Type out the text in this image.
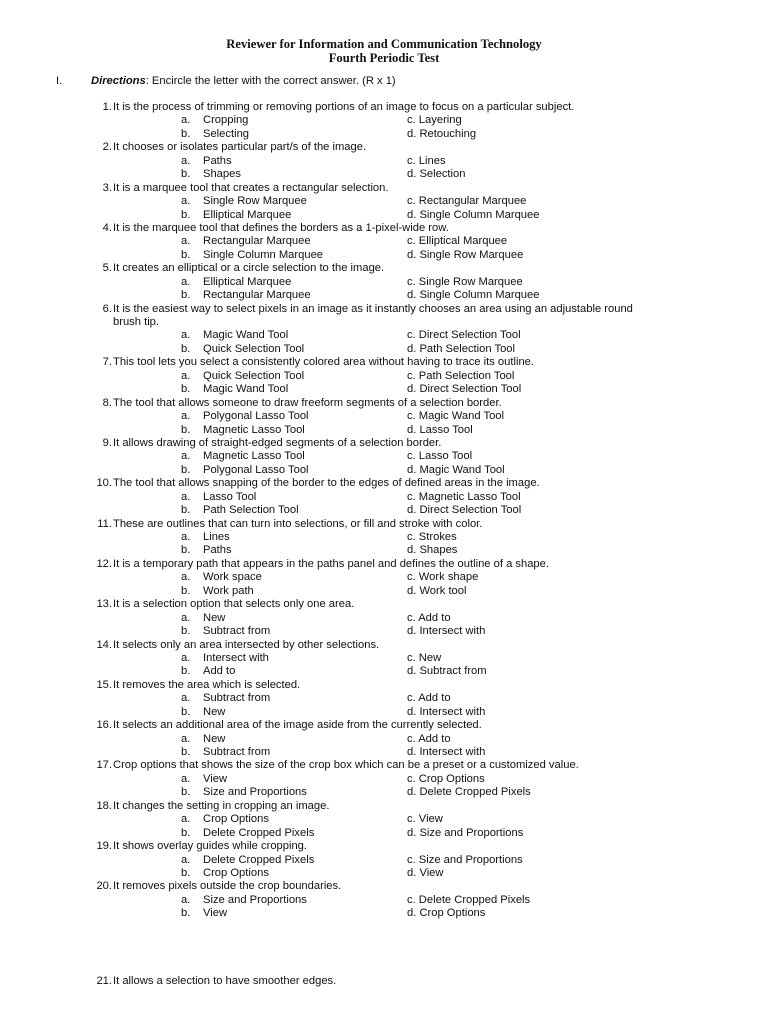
Reviewer for Information and Communication Technology
Fourth Periodic Test
I.	Directions: Encircle the letter with the correct answer. (R x 1)
1. It is the process of trimming or removing portions of an image to focus on a particular subject.
a. Cropping	c. Layering
b. Selecting	d. Retouching
2. It chooses or isolates particular part/s of the image.
a. Paths	c. Lines
b. Shapes	d. Selection
3. It is a marquee tool that creates a rectangular selection.
a. Single Row Marquee	c. Rectangular Marquee
b. Elliptical Marquee	d. Single Column Marquee
4. It is the marquee tool that defines the borders as a 1-pixel-wide row.
a. Rectangular Marquee	c. Elliptical Marquee
b. Single Column Marquee	d. Single Row Marquee
5. It creates an elliptical or a circle selection to the image.
a. Elliptical Marquee	c. Single Row Marquee
b. Rectangular Marquee	d. Single Column Marquee
6. It is the easiest way to select pixels in an image as it instantly chooses an area using an adjustable round
brush tip.
a. Magic Wand Tool	c. Direct Selection Tool
b. Quick Selection Tool	d. Path Selection Tool
7. This tool lets you select a consistently colored area without having to trace its outline.
a. Quick Selection Tool	c. Path Selection Tool
b. Magic Wand Tool	d. Direct Selection Tool
8. The tool that allows someone to draw freeform segments of a selection border.
a. Polygonal Lasso Tool	c. Magic Wand Tool
b. Magnetic Lasso Tool	d. Lasso Tool
9. It allows drawing of straight-edged segments of a selection border.
a. Magnetic Lasso Tool	c. Lasso Tool
b. Polygonal Lasso Tool	d. Magic Wand Tool
10. The tool that allows snapping of the border to the edges of defined areas in the image.
a. Lasso Tool	c. Magnetic Lasso Tool
b. Path Selection Tool	d. Direct Selection Tool
11. These are outlines that can turn into selections, or fill and stroke with color.
a. Lines	c. Strokes
b. Paths	d. Shapes
12. It is a temporary path that appears in the paths panel and defines the outline of a shape.
a. Work space	c. Work shape
b. Work path	d. Work tool
13. It is a selection option that selects only one area.
a. New	c. Add to
b. Subtract from	d. Intersect with
14. It selects only an area intersected by other selections.
a. Intersect with	c. New
b. Add to	d. Subtract from
15. It removes the area which is selected.
a. Subtract from	c. Add to
b. New	d. Intersect with
16. It selects an additional area of the image aside from the currently selected.
a. New	c. Add to
b. Subtract from	d. Intersect with
17. Crop options that shows the size of the crop box which can be a preset or a customized value.
a. View	c. Crop Options
b. Size and Proportions	d. Delete Cropped Pixels
18. It changes the setting in cropping an image.
a. Crop Options	c. View
b. Delete Cropped Pixels	d. Size and Proportions
19. It shows overlay guides while cropping.
a. Delete Cropped Pixels	c. Size and Proportions
b. Crop Options	d. View
20. It removes pixels outside the crop boundaries.
a. Size and Proportions	c. Delete Cropped Pixels
b. View	d. Crop Options
21. It allows a selection to have smoother edges.
